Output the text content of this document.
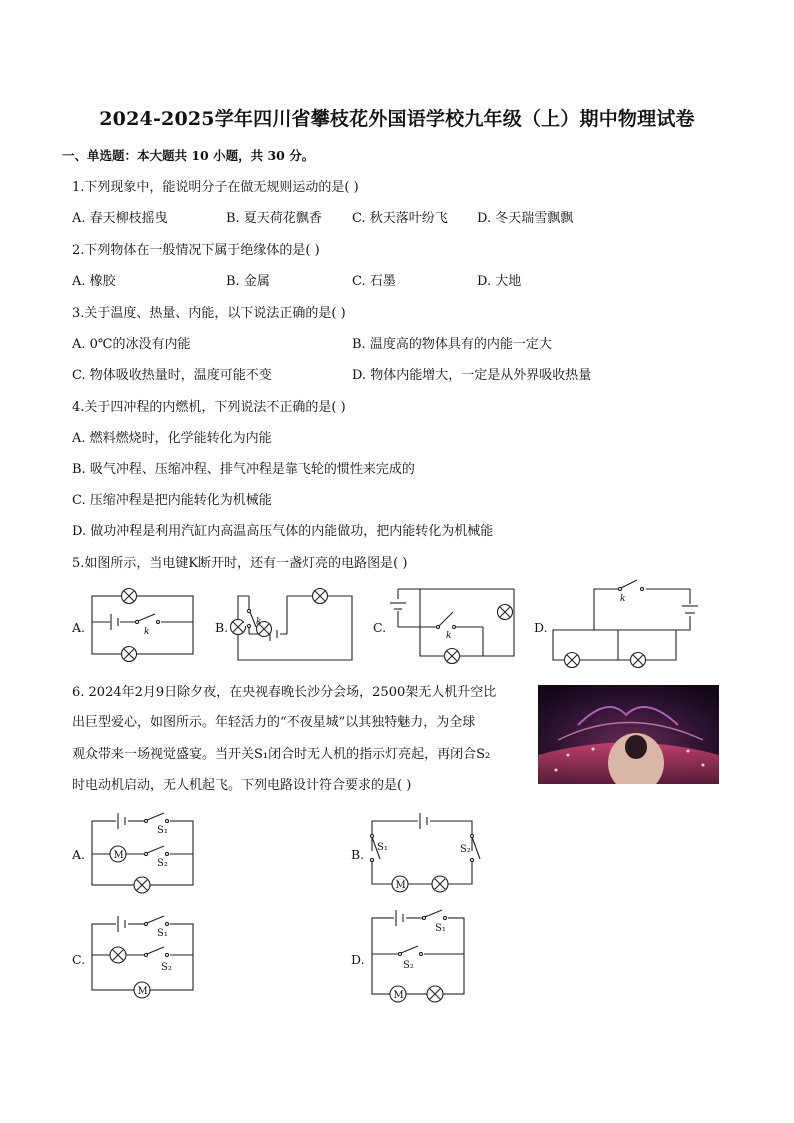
2024-2025学年四川省攀枝花外国语学校九年级（上）期中物理试卷
一、单选题：本大题共 10 小题，共 30 分。
1.下列现象中，能说明分子在做无规则运动的是( )
A. 春天柳枝摇曳	B. 夏天荷花飘香 C. 秋天落叶纷飞 D. 冬天瑞雪飘飘
2.下列物体在一般情况下属于绝缘体的是( )
A. 橡胶	B. 金属	C. 石墨	D. 大地
3.关于温度、热量、内能，以下说法正确的是( )
A. 0℃的冰没有内能	B. 温度高的物体具有的内能一定大
C. 物体吸收热量时，温度可能不变	D. 物体内能增大，一定是从外界吸收热量
4.关于四冲程的内燃机，下列说法不正确的是( )
A. 燃料燃烧时，化学能转化为内能
B. 吸气冲程、压缩冲程、排气冲程是靠飞轮的惯性来完成的
C. 压缩冲程是把内能转化为机械能
D. 做功冲程是利用汽缸内高温高压气体的内能做功，把内能转化为机械能
5.如图所示，当电键K断开时，还有一盏灯亮的电路图是( )
A.	B.	C.	D.
k
k
k
k
6. 2024年2月9日除夕夜，在央视春晚长沙分会场，2500架无人机升空比
出巨型爱心，如图所示。年轻活力的“不夜星城”以其独特魅力，为全球
观众带来一场视觉盛宴。当开关S₁闭合时无人机的指示灯亮起，再闭合S₂
时电动机启动，无人机起飞。下列电路设计符合要求的是( )
A.	B.
C.	D.
S₁
M
S₂
S₁	S₂
M
S₁
S₂
M
S₁
S₂
M
